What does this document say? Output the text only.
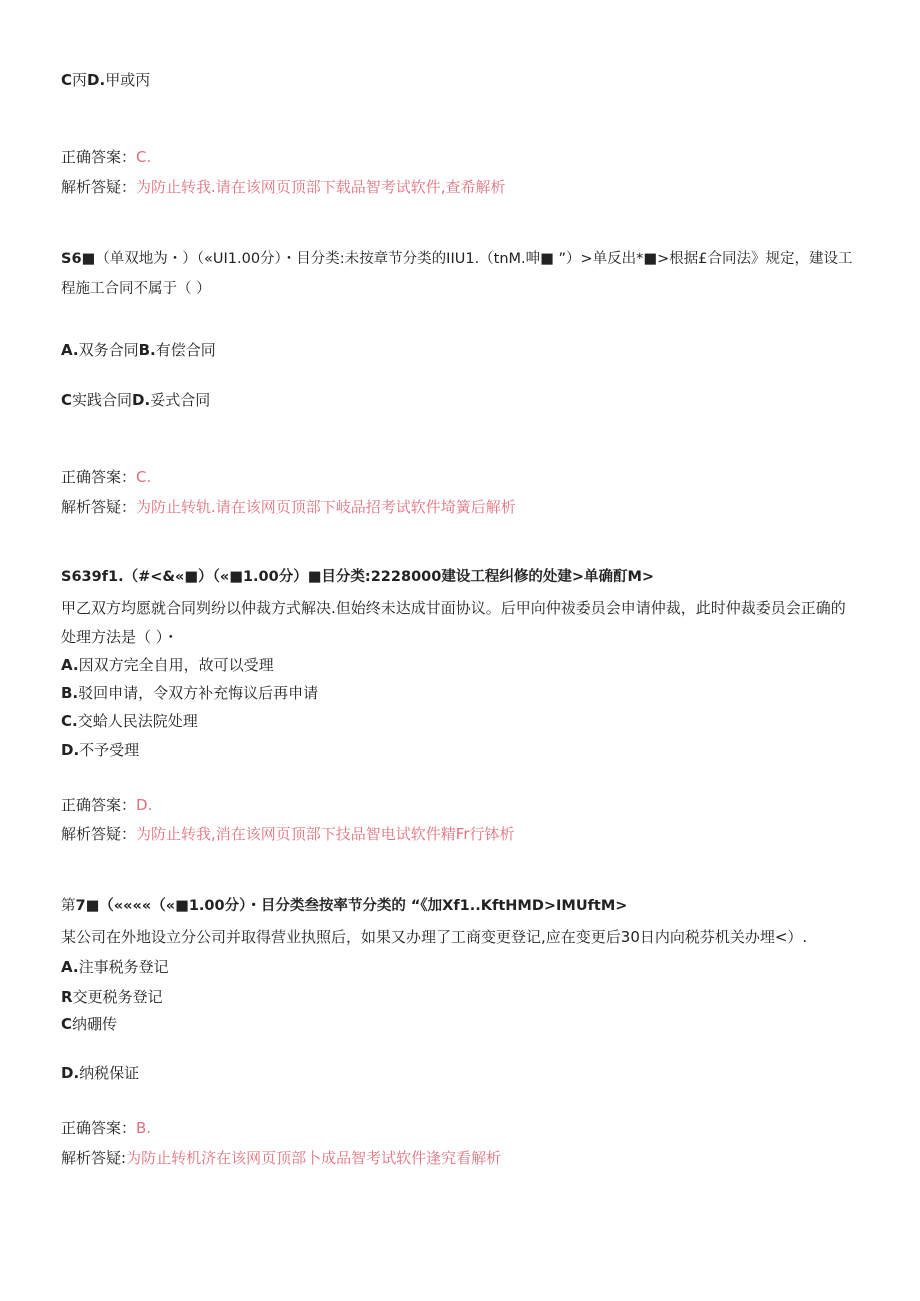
C丙D.甲或丙
正确答案：C.
解析答疑：为防止转我.请在该网页顶部下载品智考试软件,查希解析
S6■（单双地为・）（«UI1.00分）・目分类:未按章节分类的IIU1.（tnM.呻■ ”）>单反出*■>根据£合同法》规定，建设工程施工合同不属于（ ）
A.双务合同B.有偿合同
C实践合同D.妥式合同
正确答案：C.
解析答疑：为防止转轨.请在该网页顶部下岐品招考试软件埼簧后解析
S639f1.（#<&«■）（«■1.00分）■目分类:2228000建设工程纠修的处建>单确酊M>
甲乙双方均愿就合同刿纷以仲裁方式解决.但始终未达成甘面协议。后甲向仲祓委员会申请仲裁，此时仲裁委员会正确的处理方法是（ ）・
A.因双方完全自用，故可以受理
B.驳回申请，令双方补充悔议后再申请
C.交蛤人民法院处理
D.不予受理
正确答案：D.
解析答疑：为防止转我,消在该网页顶部下技品智电试软件精Fr行钵析
第7■（««««（«■1.00分）・目分类叁按率节分类的 “《加Xf1..KftHMD>IMUftM>
某公司在外地设立分公司并取得营业执照后，如果又办理了工商变更登记,应在变更后30日内向税芬机关办埋<）.
A.注事税务登记
R交更税务登记
C纳硼传
D.纳税保证
正确答案：B.
解析答疑:为防止转机济在该网页顶部卜成品智考试软件逢究看解析
